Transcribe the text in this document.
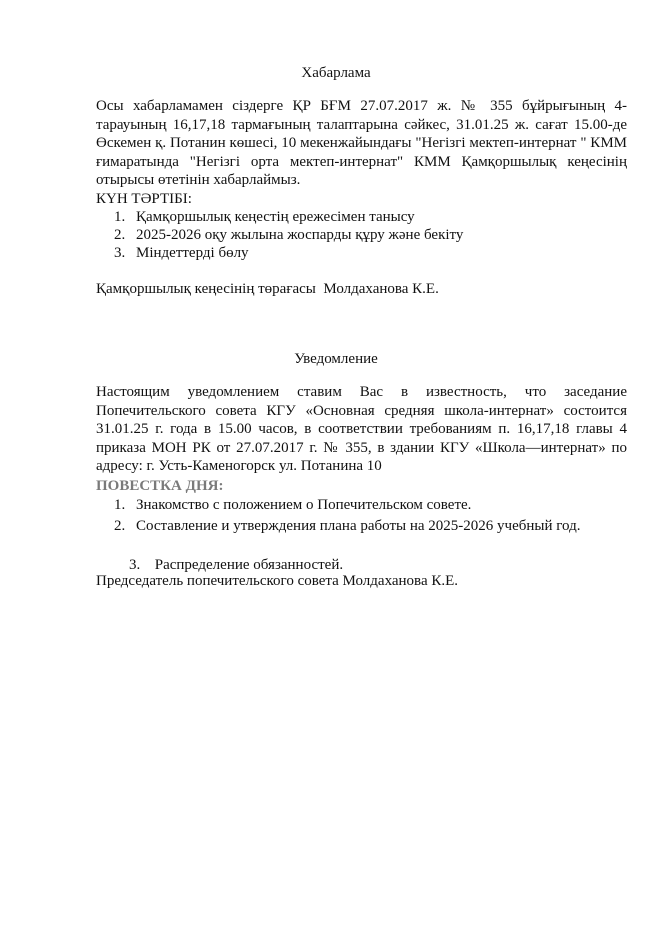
Хабарлама
Осы хабарламамен сіздерге ҚР БҒМ 27.07.2017 ж. № 355 бұйрығының 4-тарауының 16,17,18 тармағының талаптарына сәйкес, 31.01.25 ж. сағат 15.00-де Өскемен қ. Потанин көшесі, 10 мекенжайындағы "Негізгі мектеп-интернат " КММ ғимаратында "Негізгі орта мектеп-интернат" КММ Қамқоршылық кеңесінің отырысы өтетінін хабарлаймыз.
КҮН ТӘРТІБІ:
1. Қамқоршылық кеңестің ережесімен танысу
2. 2025-2026 оқу жылына жоспарды құру және бекіту
3. Міндеттерді бөлу
Қамқоршылық кеңесінің төрағасы  Молдаханова К.Е.
Уведомление
Настоящим уведомлением ставим Вас в известность, что заседание Попечительского совета КГУ «Основная средняя школа-интернат» состоится 31.01.25 г. года в 15.00 часов, в соответствии требованиям п. 16,17,18 главы 4 приказа МОН РК от 27.07.2017 г. № 355, в здании КГУ «Школа—интернат» по адресу: г. Усть-Каменогорск ул. Потанина 10
ПОВЕСТКА ДНЯ:
1. Знакомство с положением о Попечительском совете.
2. Составление и утверждения плана работы на 2025-2026 учебный год.

3. Распределение обязанностей.

Председатель попечительского совета Молдаханова К.Е.
